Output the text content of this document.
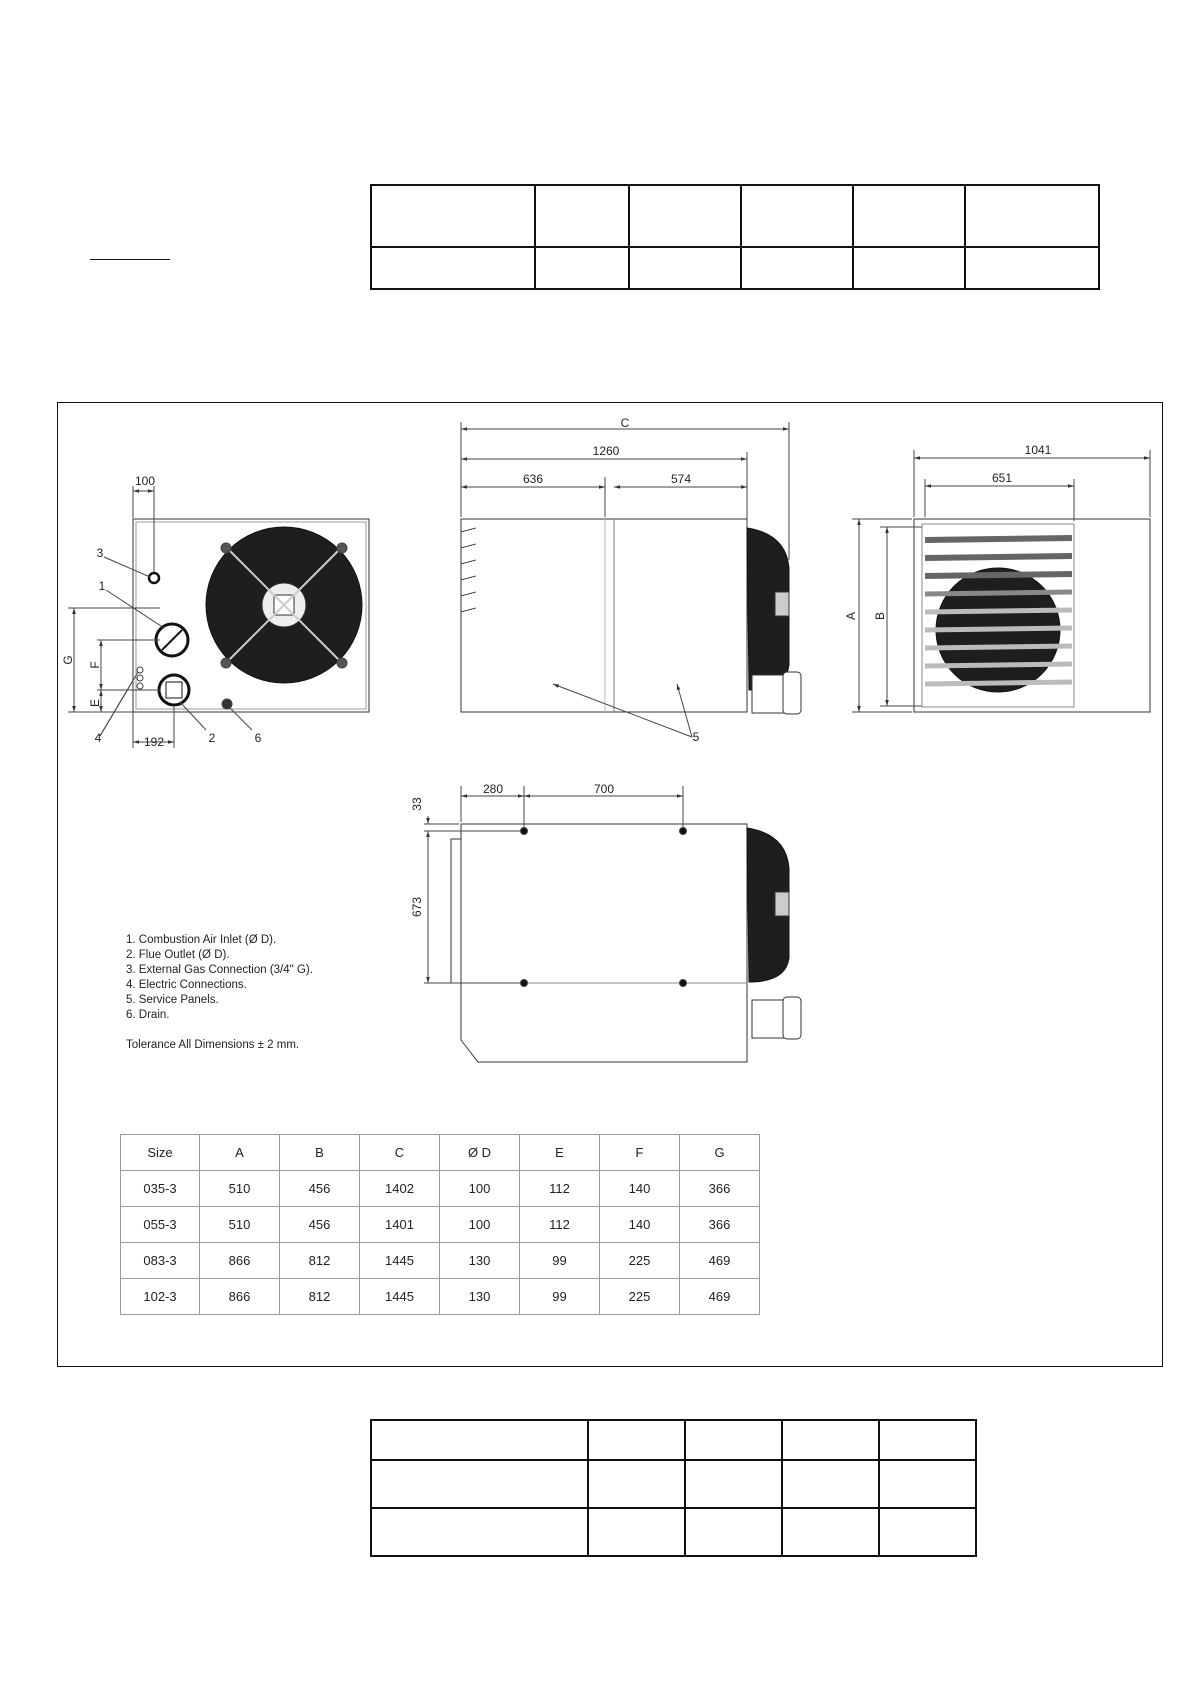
100
192
G
F
E
3
1
4	2	6
C
1260
636	574
5
1041
651
A B
280	700
33
673
1. Combustion Air Inlet (Ø D).
2. Flue Outlet (Ø D).
3. External Gas Connection (3/4" G).
4. Electric Connections.
5. Service Panels.
6. Drain.
Tolerance All Dimensions ± 2 mm.
Size	A	B	C	Ø D	E	F	G
035-3	510	456	1402	100	112	140	366
055-3	510	456	1401	100	112	140	366
083-3	866	812	1445	130	99	225	469
102-3	866	812	1445	130	99	225	469
